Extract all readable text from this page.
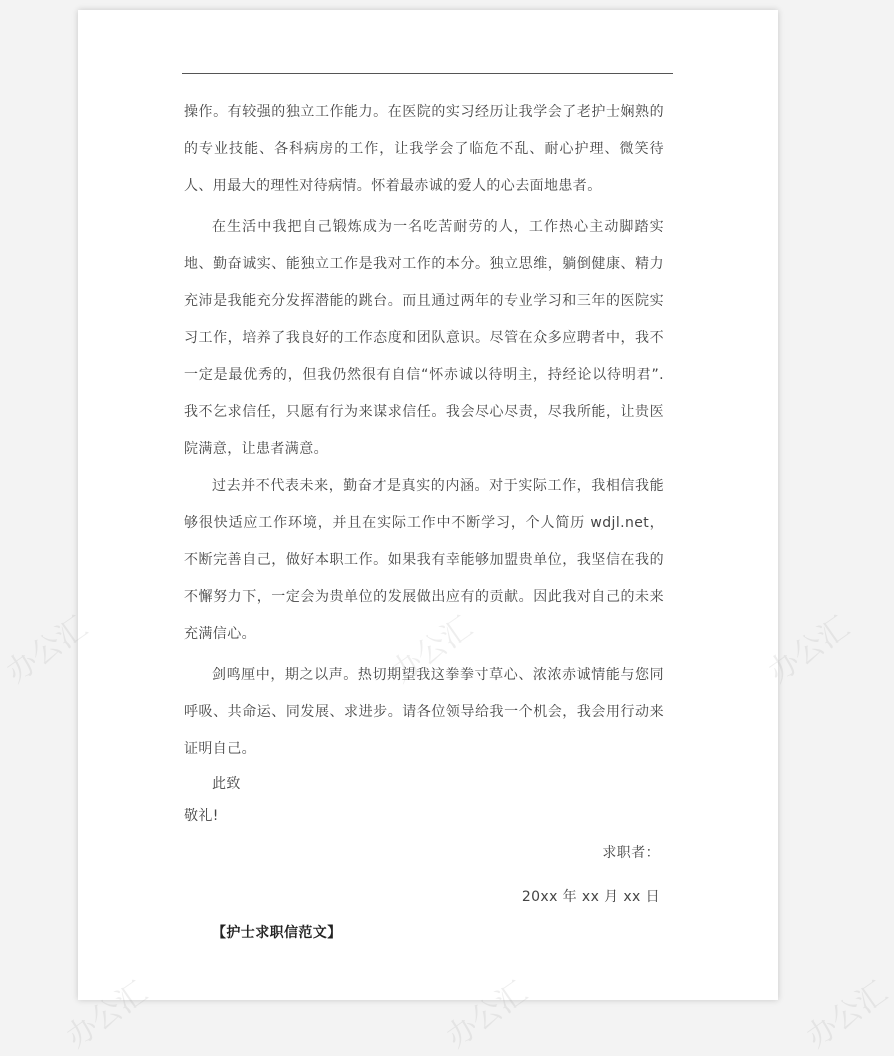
操作。有较强的独立工作能力。在医院的实习经历让我学会了老护士娴熟的的专业技能、各科病房的工作，让我学会了临危不乱、耐心护理、微笑待人、用最大的理性对待病情。怀着最赤诚的爱人的心去面地患者。

在生活中我把自己锻炼成为一名吃苦耐劳的人，工作热心主动脚踏实地、勤奋诚实、能独立工作是我对工作的本分。独立思维，躺倒健康、精力充沛是我能充分发挥潜能的跳台。而且通过两年的专业学习和三年的医院实习工作，培养了我良好的工作态度和团队意识。尽管在众多应聘者中，我不一定是最优秀的，但我仍然很有自信“怀赤诚以待明主，持经论以待明君”.我不乞求信任，只愿有行为来谋求信任。我会尽心尽责，尽我所能，让贵医院满意，让患者满意。

过去并不代表未来，勤奋才是真实的内涵。对于实际工作，我相信我能够很快适应工作环境，并且在实际工作中不断学习，个人简历 wdjl.net，不断完善自己，做好本职工作。如果我有幸能够加盟贵单位，我坚信在我的不懈努力下，一定会为贵单位的发展做出应有的贡献。因此我对自己的未来充满信心。

剑鸣厘中，期之以声。热切期望我这拳拳寸草心、浓浓赤诚情能与您同呼吸、共命运、同发展、求进步。请各位领导给我一个机会，我会用行动来证明自己。

此致

敬礼!

求职者：

20xx 年 xx 月 xx 日

【护士求职信范文】

办公汇	办公汇
办公汇	办公汇	办公汇
